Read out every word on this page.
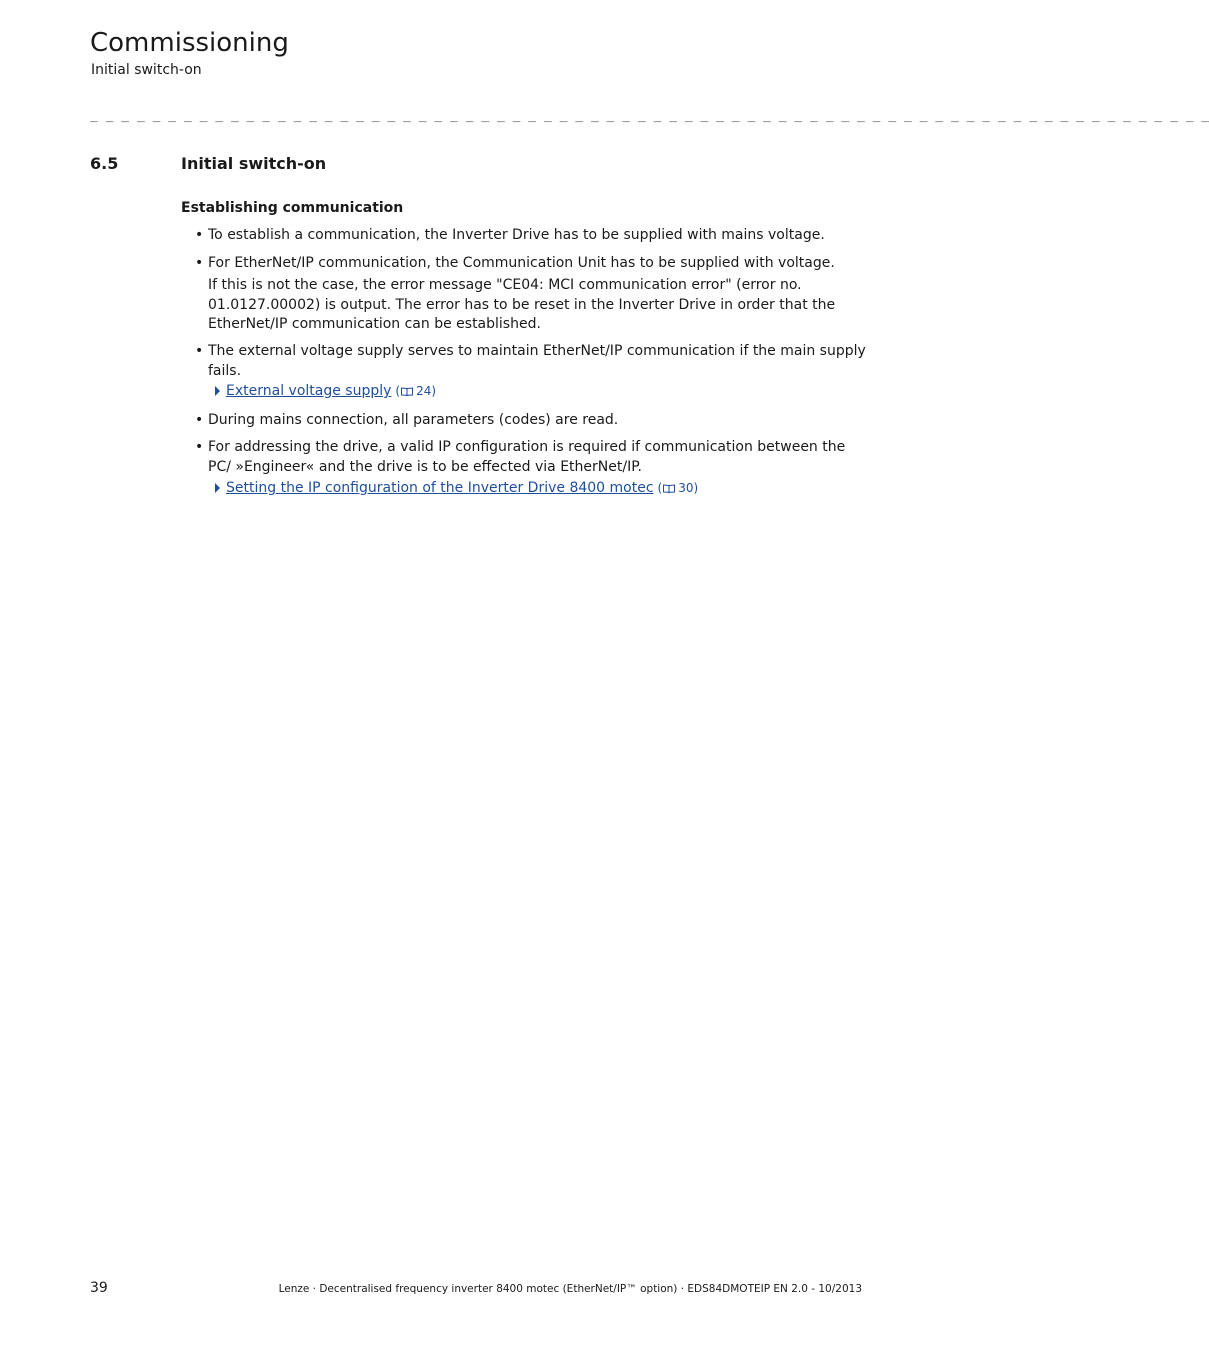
Commissioning
Initial switch-on
_ _ _ _ _ _ _ _ _ _ _ _ _ _ _ _ _ _ _ _ _ _ _ _ _ _ _ _ _ _ _ _ _ _ _ _ _ _ _ _ _ _ _ _ _ _ _ _ _ _ _ _ _ _ _ _ _ _ _ _ _ _ _ _ _ _ _ _ _ _ _ _
6.5	Initial switch-on
Establishing communication
• To establish a communication, the Inverter Drive has to be supplied with mains voltage.
• For EtherNet/IP communication, the Communication Unit has to be supplied with voltage.
If this is not the case, the error message "CE04: MCI communication error" (error no. 01.0127.00002) is output. The error has to be reset in the Inverter Drive in order that the EtherNet/IP communication can be established.
• The external voltage supply serves to maintain EtherNet/IP communication if the main supply fails.
External voltage supply ( 24)
• During mains connection, all parameters (codes) are read.
• For addressing the drive, a valid IP configuration is required if communication between the PC/ »Engineer« and the drive is to be effected via EtherNet/IP.
Setting the IP configuration of the Inverter Drive 8400 motec ( 30)
39	Lenze · Decentralised frequency inverter 8400 motec (EtherNet/IP™ option) · EDS84DMOTEIP EN 2.0 - 10/2013
